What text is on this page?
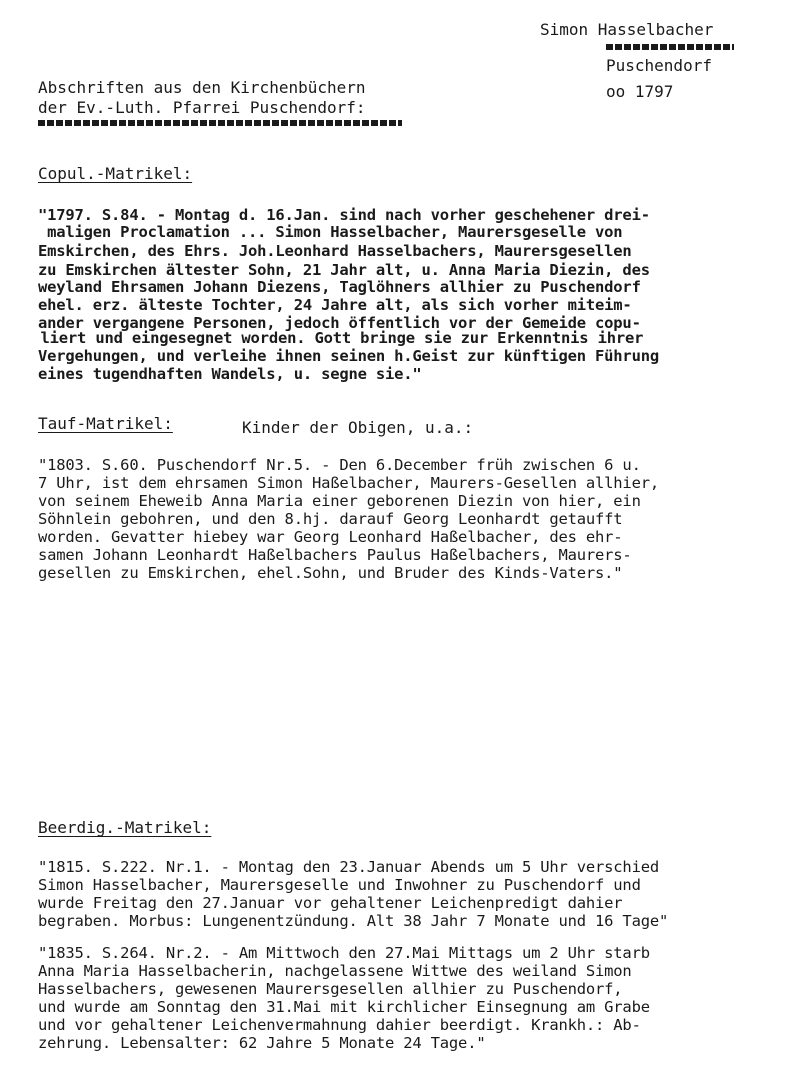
Simon Hasselbacher
Puschendorf
oo 1797
Abschriften aus den Kirchenbüchern
der Ev.-Luth. Pfarrei Puschendorf:
Copul.-Matrikel:
"1797. S.84. - Montag d. 16.Jan. sind nach vorher geschehener drei-
maligen Proclamation ... Simon Hasselbacher, Maurersgeselle von
Emskirchen, des Ehrs. Joh.Leonhard Hasselbachers, Maurersgesellen
zu Emskirchen ältester Sohn, 21 Jahr alt, u. Anna Maria Diezin, des
weyland Ehrsamen Johann Diezens, Taglöhners allhier zu Puschendorf
ehel. erz. älteste Tochter, 24 Jahre alt, als sich vorher miteim-
ander vergangene Personen, jedoch öffentlich vor der Gemeide copu-
liert und eingesegnet worden. Gott bringe sie zur Erkenntnis ihrer
Vergehungen, und verleihe ihnen seinen h.Geist zur künftigen Führung
eines tugendhaften Wandels, u. segne sie."
Tauf-Matrikel:	Kinder der Obigen, u.a.:
"1803. S.60. Puschendorf Nr.5. - Den 6.December früh zwischen 6 u.
7 Uhr, ist dem ehrsamen Simon Haßelbacher, Maurers-Gesellen allhier,
von seinem Eheweib Anna Maria einer geborenen Diezin von hier, ein
Söhnlein gebohren, und den 8.hj. darauf Georg Leonhardt getaufft
worden. Gevatter hiebey war Georg Leonhard Haßelbacher, des ehr-
samen Johann Leonhardt Haßelbachers Paulus Haßelbachers, Maurers-
gesellen zu Emskirchen, ehel.Sohn, und Bruder des Kinds-Vaters."
Beerdig.-Matrikel:
"1815. S.222. Nr.1. - Montag den 23.Januar Abends um 5 Uhr verschied
Simon Hasselbacher, Maurersgeselle und Inwohner zu Puschendorf und
wurde Freitag den 27.Januar vor gehaltener Leichenpredigt dahier
begraben. Morbus: Lungenentzündung. Alt 38 Jahr 7 Monate und 16 Tage"
"1835. S.264. Nr.2. - Am Mittwoch den 27.Mai Mittags um 2 Uhr starb
Anna Maria Hasselbacherin, nachgelassene Wittwe des weiland Simon
Hasselbachers, gewesenen Maurersgesellen allhier zu Puschendorf,
und wurde am Sonntag den 31.Mai mit kirchlicher Einsegnung am Grabe
und vor gehaltener Leichenvermahnung dahier beerdigt. Krankh.: Ab-
zehrung. Lebensalter: 62 Jahre 5 Monate 24 Tage."
